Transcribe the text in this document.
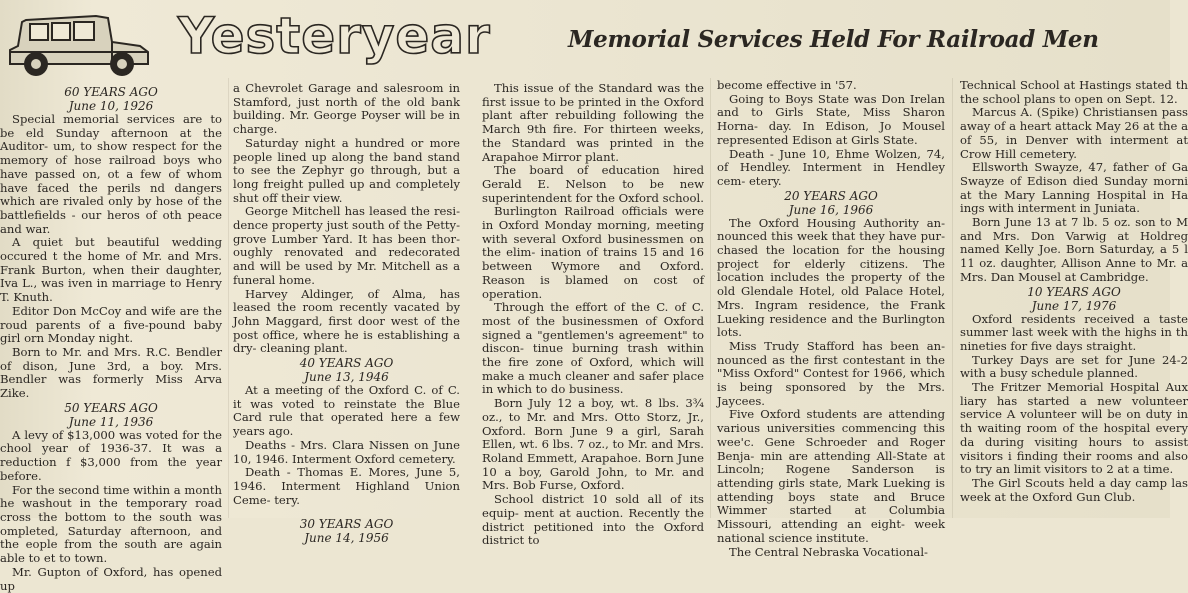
Yesteryear	Memorial Services Held For Railroad Men

60 YEARS AGO

June 10, 1926

Special memorial services are to be eld Sunday afternoon at the Auditor- um, to show respect for the memory of hose railroad boys who have passed on, ot a few of whom have faced the perils nd dangers which are rivaled only by hose of the battlefields - our heros of oth peace and war.

A quiet but beautiful wedding occured t the home of Mr. and Mrs. Frank Burton, when their daughter, Iva L., was iven in marriage to Henry T. Knuth.

Editor Don McCoy and wife are the roud parents of a five-pound baby girl orn Monday night.

Born to Mr. and Mrs. R.C. Bendler of dison, June 3rd, a boy. Mrs. Bendler was formerly Miss Arva Zike.

50 YEARS AGO

June 11, 1936

A levy of $13,000 was voted for the chool year of 1936-37. It was a reduction f $3,000 from the year before.

For the second time within a month he washout in the temporary road cross the bottom to the south was ompleted, Saturday afternoon, and the eople from the south are again able to et to town.

Mr. Gupton of Oxford, has opened up

a Chevrolet Garage and salesroom in Stamford, just north of the old bank building. Mr. George Poyser will be in charge.

Saturday night a hundred or more people lined up along the band stand to see the Zephyr go through, but a long freight pulled up and completely shut off their view.

George Mitchell has leased the resi- dence property just south of the Petty- grove Lumber Yard. It has been thor- oughly renovated and redecorated and will be used by Mr. Mitchell as a funeral home.

Harvey Aldinger, of Alma, has leased the room recently vacated by John Maggard, first door west of the post office, where he is establishing a dry- cleaning plant.

40 YEARS AGO

June 13, 1946

At a meeting of the Oxford C. of C. it was voted to reinstate the Blue Card rule that operated here a few years ago.

Deaths - Mrs. Clara Nissen on June 10, 1946. Interment Oxford cemetery.

Death - Thomas E. Mores, June 5, 1946. Interment Highland Union Ceme- tery.

30 YEARS AGO

June 14, 1956

This issue of the Standard was the first issue to be printed in the Oxford plant after rebuilding following the March 9th fire. For thirteen weeks, the Standard was printed in the Arapahoe Mirror plant.

The board of education hired Gerald E. Nelson to be new superintendent for the Oxford school.

Burlington Railroad officials were in Oxford Monday morning, meeting with several Oxford businessmen on the elim- ination of trains 15 and 16 between Wymore and Oxford. Reason is blamed on cost of operation.

Through the effort of the C. of C. most of the businessmen of Oxford signed a "gentlemen's agreement" to discon- tinue burning trash within the fire zone of Oxford, which will make a much cleaner and safer place in which to do business.

Born July 12 a boy, wt. 8 lbs. 3¾ oz., to Mr. and Mrs. Otto Storz, Jr., Oxford. Born June 9 a girl, Sarah Ellen, wt. 6 lbs. 7 oz., to Mr. and Mrs. Roland Emmett, Arapahoe. Born June 10 a boy, Garold John, to Mr. and Mrs. Bob Furse, Oxford.

School district 10 sold all of its equip- ment at auction. Recently the district petitioned into the Oxford district to

become effective in '57.

Going to Boys State was Don Irelan and to Girls State, Miss Sharon Horna- day. In Edison, Jo Mousel represented Edison at Girls State.

Death - June 10, Ehme Wolzen, 74, of Hendley. Interment in Hendley cem- etery.

20 YEARS AGO

June 16, 1966

The Oxford Housing Authority an- nounced this week that they have pur- chased the location for the housing project for elderly citizens. The location includes the property of the old Glendale Hotel, old Palace Hotel, Mrs. Ingram residence, the Frank Lueking residence and the Burlington lots.

Miss Trudy Stafford has been an- nounced as the first contestant in the "Miss Oxford" Contest for 1966, which is being sponsored by the Mrs. Jaycees.

Five Oxford students are attending various universities commencing this wee'c. Gene Schroeder and Roger Benja- min are attending All-State at Lincoln; Rogene Sanderson is attending girls state, Mark Lueking is attending boys state and Bruce Wimmer started at Columbia Missouri, attending an eight- week national science institute.

The Central Nebraska Vocational-

Technical School at Hastings stated th the school plans to open on Sept. 12.

Marcus A. (Spike) Christiansen pass away of a heart attack May 26 at the a of 55, in Denver with interment at Crow Hill cemetery.

Ellsworth Swayze, 47, father of Ga Swayze of Edison died Sunday morni at the Mary Lanning Hospital in Ha ings with interment in Juniata.

Born June 13 at 7 lb. 5 oz. son to M and Mrs. Don Varwig at Holdreg named Kelly Joe. Born Saturday, a 5 l 11 oz. daughter, Allison Anne to Mr. a Mrs. Dan Mousel at Cambridge.

10 YEARS AGO

June 17, 1976

Oxford residents received a taste summer last week with the highs in th nineties for five days straight.

Turkey Days are set for June 24-2 with a busy schedule planned.

The Fritzer Memorial Hospital Aux liary has started a new volunteer service A volunteer will be on duty in th waiting room of the hospital every da during visiting hours to assist visitors i finding their rooms and also to try an limit visitors to 2 at a time.

The Girl Scouts held a day camp las week at the Oxford Gun Club.
